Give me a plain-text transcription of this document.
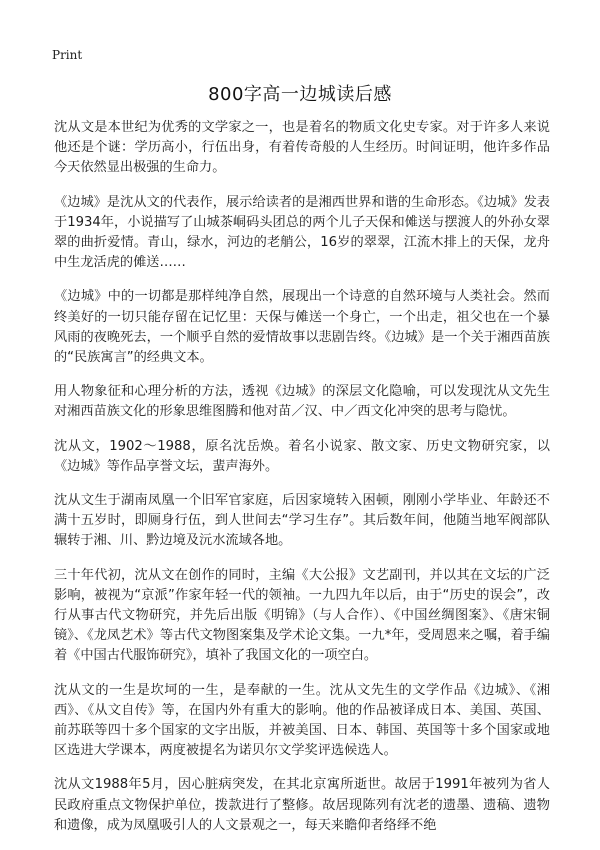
Print
800字高一边城读后感

沈从文是本世纪为优秀的文学家之一，也是着名的物质文化史专家。对于许多人来说他还是个谜：学历高小，行伍出身，有着传奇般的人生经历。时间证明，他许多作品今天依然显出极强的生命力。

《边城》是沈从文的代表作，展示给读者的是湘西世界和谐的生命形态。《边城》发表于1934年，小说描写了山城茶峒码头团总的两个儿子天保和傩送与摆渡人的外孙女翠翠的曲折爱情。青山，绿水，河边的老艄公，16岁的翠翠，江流木排上的天保，龙舟中生龙活虎的傩送……

《边城》中的一切都是那样纯净自然，展现出一个诗意的自然环境与人类社会。然而终美好的一切只能存留在记忆里：天保与傩送一个身亡，一个出走，祖父也在一个暴风雨的夜晚死去，一个顺乎自然的爱情故事以悲剧告终。《边城》是一个关于湘西苗族的“民族寓言”的经典文本。

用人物象征和心理分析的方法，透视《边城》的深层文化隐喻，可以发现沈从文先生对湘西苗族文化的形象思维图腾和他对苗／汉、中／西文化冲突的思考与隐忧。

沈从文，1902～1988，原名沈岳焕。着名小说家、散文家、历史文物研究家，以《边城》等作品享誉文坛，蜚声海外。

沈从文生于湖南凤凰一个旧军官家庭，后因家境转入困顿，刚刚小学毕业、年龄还不满十五岁时，即厕身行伍，到人世间去“学习生存”。其后数年间，他随当地军阀部队辗转于湘、川、黔边境及沅水流域各地。

三十年代初，沈从文在创作的同时，主编《大公报》文艺副刊，并以其在文坛的广泛影响，被视为“京派”作家年轻一代的领袖。一九四九年以后，由于“历史的误会”，改行从事古代文物研究，并先后出版《明锦》（与人合作）、《中国丝绸图案》、《唐宋铜镜》、《龙凤艺术》等古代文物图案集及学术论文集。一九*年，受周恩来之嘱，着手编着《中国古代服饰研究》，填补了我国文化的一项空白。

沈从文的一生是坎坷的一生，是奉献的一生。沈从文先生的文学作品《边城》、《湘西》、《从文自传》等，在国内外有重大的影响。他的作品被译成日本、美国、英国、前苏联等四十多个国家的文字出版，并被美国、日本、韩国、英国等十多个国家或地区选进大学课本，两度被提名为诺贝尔文学奖评选候选人。

沈从文1988年5月，因心脏病突发，在其北京寓所逝世。故居于1991年被列为省人民政府重点文物保护单位，拨款进行了整修。故居现陈列有沈老的遗墨、遗稿、遗物和遗像，成为凤凰吸引人的人文景观之一，每天来瞻仰者络绎不绝
